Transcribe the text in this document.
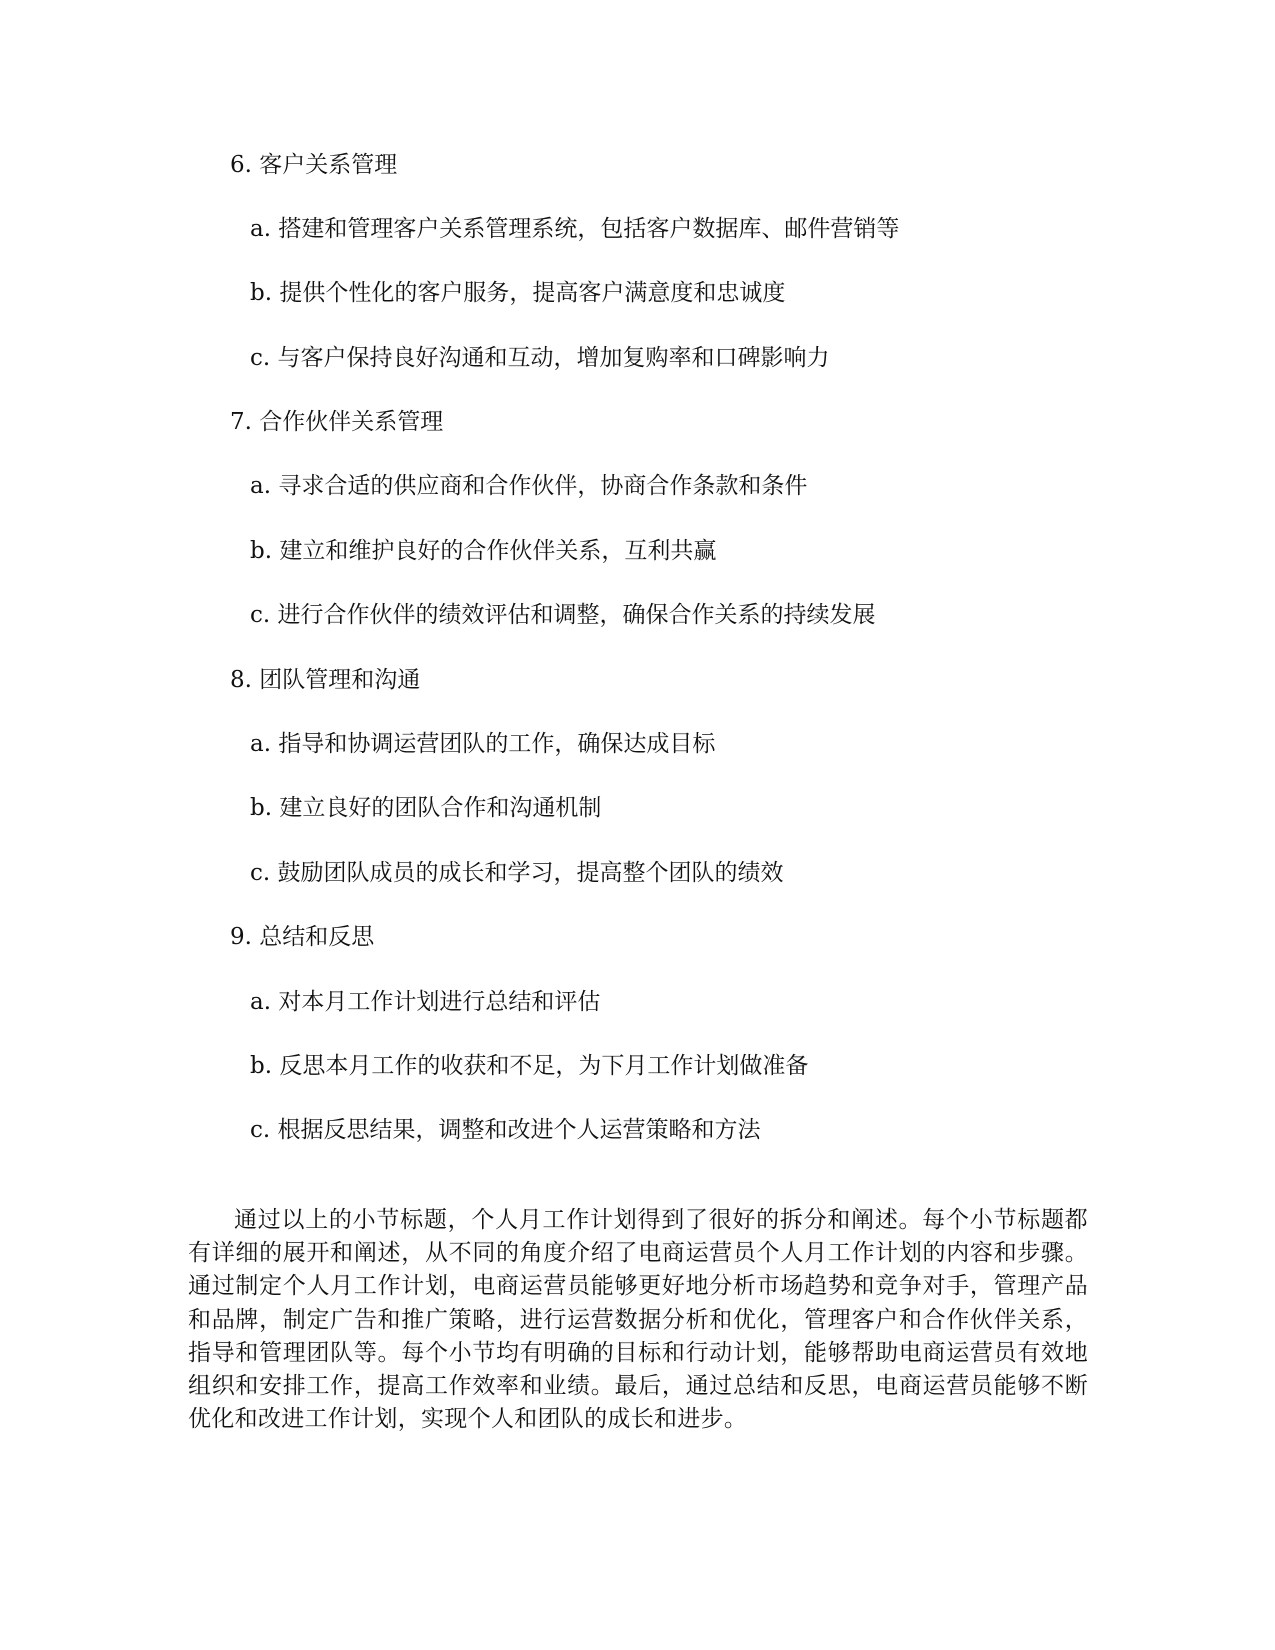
6. 客户关系管理
a. 搭建和管理客户关系管理系统，包括客户数据库、邮件营销等
b. 提供个性化的客户服务，提高客户满意度和忠诚度
c. 与客户保持良好沟通和互动，增加复购率和口碑影响力
7. 合作伙伴关系管理
a. 寻求合适的供应商和合作伙伴，协商合作条款和条件
b. 建立和维护良好的合作伙伴关系，互利共赢
c. 进行合作伙伴的绩效评估和调整，确保合作关系的持续发展
8. 团队管理和沟通
a. 指导和协调运营团队的工作，确保达成目标
b. 建立良好的团队合作和沟通机制
c. 鼓励团队成员的成长和学习，提高整个团队的绩效
9. 总结和反思
a. 对本月工作计划进行总结和评估
b. 反思本月工作的收获和不足，为下月工作计划做准备
c. 根据反思结果，调整和改进个人运营策略和方法

通过以上的小节标题，个人月工作计划得到了很好的拆分和阐述。每个小节标题都有详细的展开和阐述，从不同的角度介绍了电商运营员个人月工作计划的内容和步骤。通过制定个人月工作计划，电商运营员能够更好地分析市场趋势和竞争对手，管理产品和品牌，制定广告和推广策略，进行运营数据分析和优化，管理客户和合作伙伴关系，指导和管理团队等。每个小节均有明确的目标和行动计划，能够帮助电商运营员有效地组织和安排工作，提高工作效率和业绩。最后，通过总结和反思，电商运营员能够不断优化和改进工作计划，实现个人和团队的成长和进步。
